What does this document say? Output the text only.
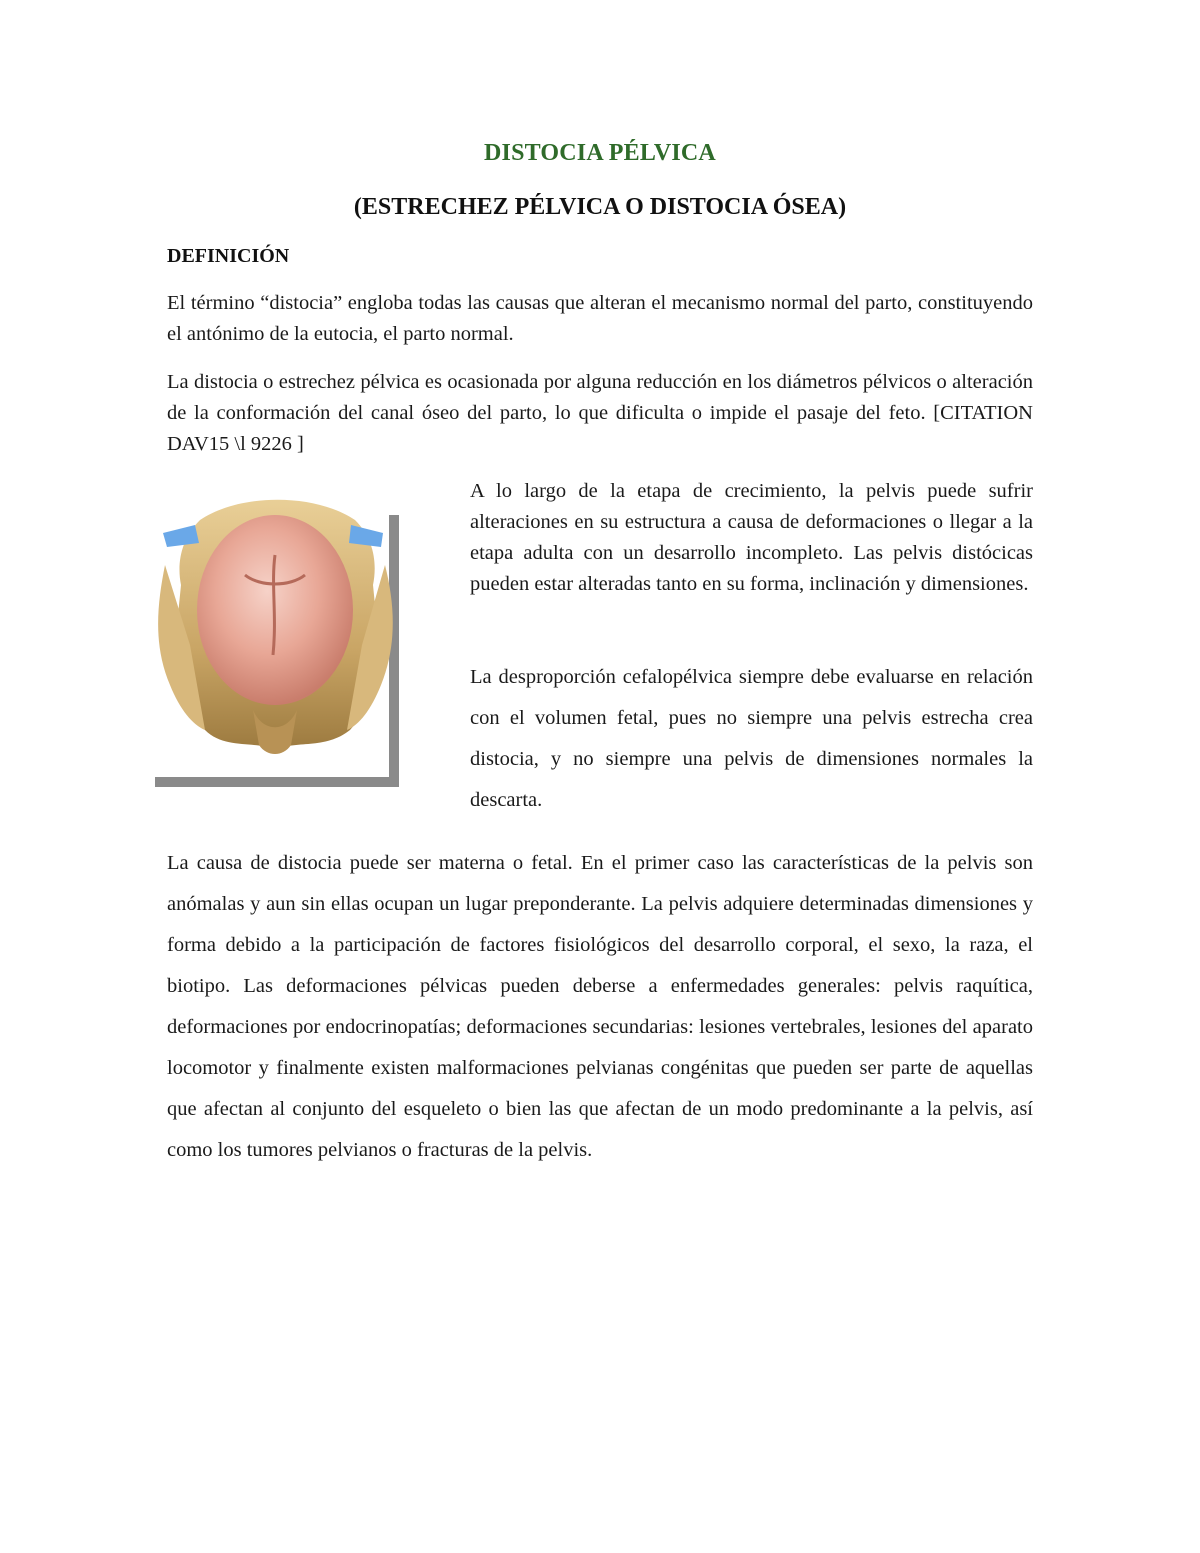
DISTOCIA PÉLVICA
(ESTRECHEZ PÉLVICA O DISTOCIA ÓSEA)
DEFINICIÓN

El término “distocia” engloba todas las causas que alteran el mecanismo normal del parto, constituyendo el antónimo de la eutocia, el parto normal.

La distocia o estrechez pélvica es ocasionada por alguna reducción en los diámetros pélvicos o alteración de la conformación del canal óseo del parto, lo que dificulta o impide el pasaje del feto. [CITATION DAV15 \l 9226 ]

A lo largo de la etapa de crecimiento, la pelvis puede sufrir alteraciones en su estructura a causa de deformaciones o llegar a la etapa adulta con un desarrollo incompleto. Las pelvis distócicas pueden estar alteradas tanto en su forma, inclinación y dimensiones.

La desproporción cefalopélvica siempre debe evaluarse en relación con el volumen fetal, pues no siempre una pelvis estrecha crea distocia, y no siempre una pelvis de dimensiones normales la descarta.

La causa de distocia puede ser materna o fetal. En el primer caso las características de la pelvis son anómalas y aun sin ellas ocupan un lugar preponderante. La pelvis adquiere determinadas dimensiones y forma debido a la participación de factores fisiológicos del desarrollo corporal, el sexo, la raza, el biotipo. Las deformaciones pélvicas pueden deberse a enfermedades generales: pelvis raquítica, deformaciones por endocrinopatías; deformaciones secundarias: lesiones vertebrales, lesiones del aparato locomotor y finalmente existen malformaciones pelvianas congénitas que pueden ser parte de aquellas que afectan al conjunto del esqueleto o bien las que afectan de un modo predominante a la pelvis, así como los tumores pelvianos o fracturas de la pelvis.
